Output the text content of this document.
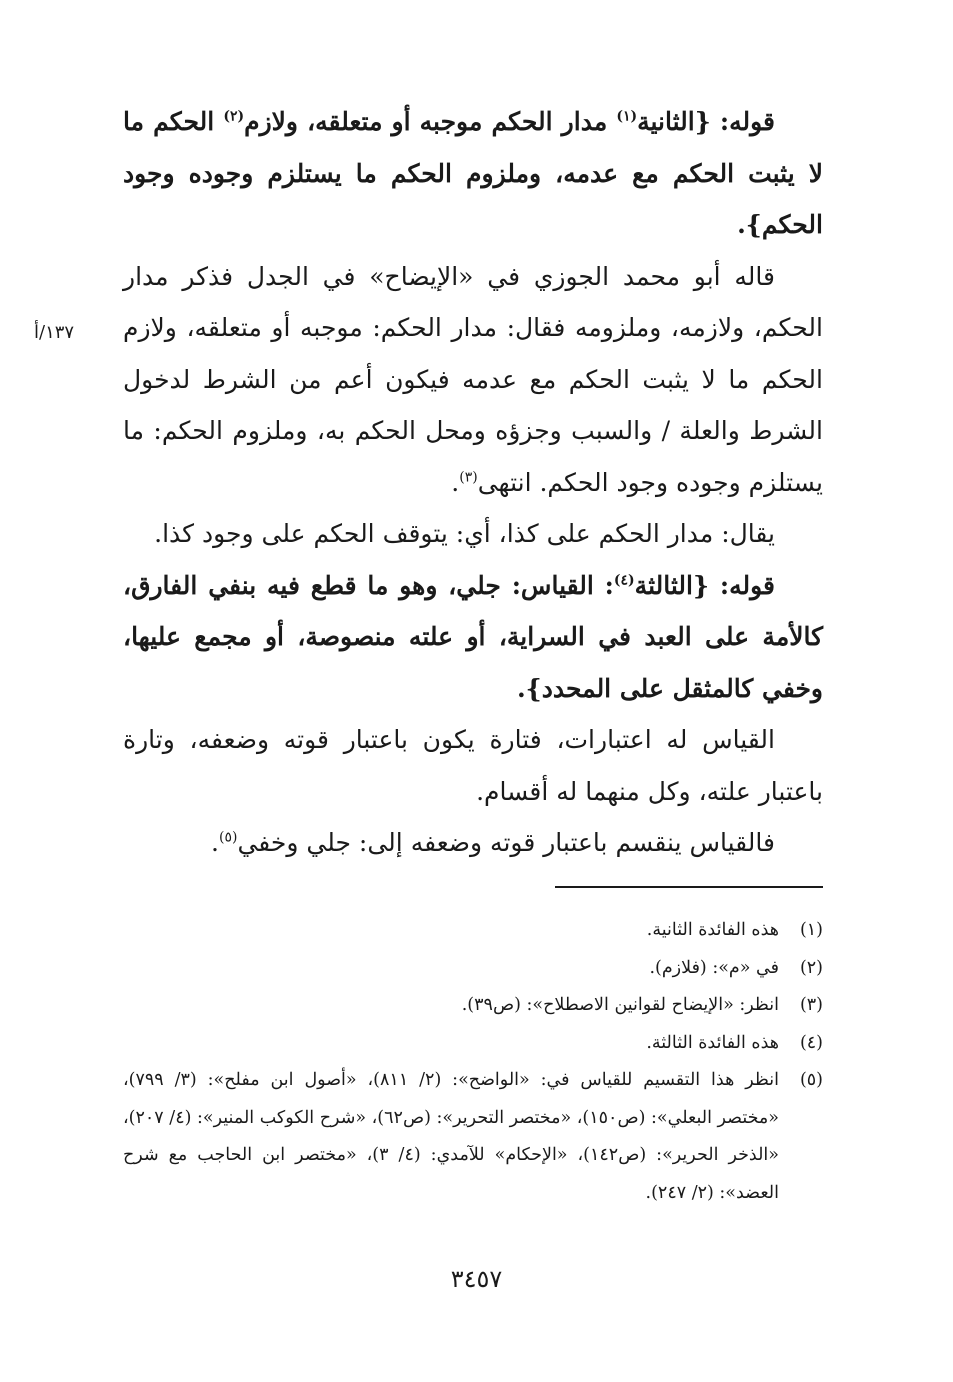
١٣٧/أ

قوله: {الثانية$^{(١)}$ مدار الحكم موجبه أو متعلقه، ولازم$^{(٢)}$ الحكم ما لا يثبت الحكم مع عدمه، وملزوم الحكم ما يستلزم وجوده وجود الحكم}.

قاله أبو محمد الجوزي في «الإيضاح» في الجدل فذكر مدار الحكم، ولازمه، وملزومه فقال: مدار الحكم: موجبه أو متعلقه، ولازم الحكم ما لا يثبت الحكم مع عدمه فيكون أعم من الشرط لدخول الشرط والعلة / والسبب وجزؤه ومحل الحكم به، وملزوم الحكم: ما يستلزم وجوده وجود الحكم. انتهى$^{(٣)}$.

يقال: مدار الحكم على كذا، أي: يتوقف الحكم على وجود كذا.

قوله: {الثالثة$^{(٤)}$: القياس: جلي، وهو ما قطع فيه بنفي الفارق، كالأمة على العبد في السراية، أو علته منصوصة، أو مجمع عليها، وخفي كالمثقل على المحدد}.

القياس له اعتبارات، فتارة يكون باعتبار قوته وضعفه، وتارة باعتبار علته، وكل منهما له أقسام.

فالقياس ينقسم باعتبار قوته وضعفه إلى: جلي وخفي$^{(٥)}$.

(١)
هذه الفائدة الثانية.
(٢)
في «م»: (فلازم).
(٣)
انظر: «الإيضاح لقوانين الاصطلاح»: (ص٣٩).
(٤)
هذه الفائدة الثالثة.
(٥)
انظر هذا التقسيم للقياس في: «الواضح»: (٢/ ٨١١)، «أصول ابن مفلح»: (٣/ ٧٩٩)، «مختصر البعلي»: (ص١٥٠)، «مختصر التحرير»: (ص٦٢)، «شرح الكوكب المنير»: (٤/ ٢٠٧)، «الذخر الحرير»: (ص١٤٢)، «الإحكام» للآمدي: (٤/ ٣)، «مختصر ابن الحاجب مع شرح العضد»: (٢/ ٢٤٧).
٣٤٥٧
